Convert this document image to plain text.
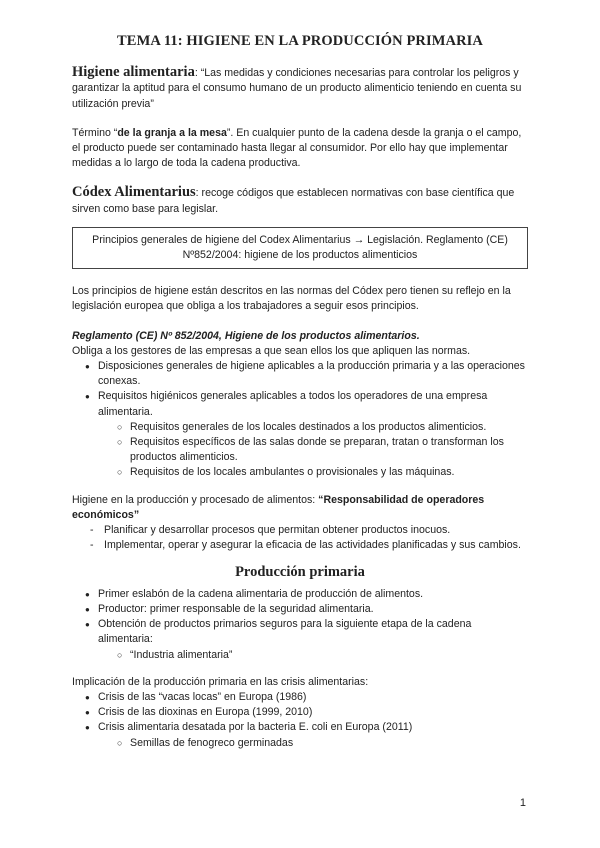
TEMA 11: HIGIENE EN LA PRODUCCIÓN PRIMARIA

Higiene alimentaria: “Las medidas y condiciones necesarias para controlar los peligros y garantizar la aptitud para el consumo humano de un producto alimenticio teniendo en cuenta su utilización previa”

Término “de la granja a la mesa”. En cualquier punto de la cadena desde la granja o el campo, el producto puede ser contaminado hasta llegar al consumidor. Por ello hay que implementar medidas a lo largo de toda la cadena productiva.

Códex Alimentarius: recoge códigos que establecen normativas con base científica que sirven como base para legislar.

Principios generales de higiene del Codex Alimentarius → Legislación. Reglamento (CE)
Nº852/2004: higiene de los productos alimenticios

Los principios de higiene están descritos en las normas del Códex pero tienen su reflejo en la legislación europea que obliga a los trabajadores a seguir esos principios.

Reglamento (CE) Nº 852/2004, Higiene de los productos alimentarios.

Obliga a los gestores de las empresas a que sean ellos los que apliquen las normas.

● Disposiciones generales de higiene aplicables a la producción primaria y a las operaciones conexas.
● Requisitos higiénicos generales aplicables a todos los operadores de una empresa alimentaria.
○ Requisitos generales de los locales destinados a los productos alimenticios.
○ Requisitos específicos de las salas donde se preparan, tratan o transforman los productos alimenticios.
○ Requisitos de los locales ambulantes o provisionales y las máquinas.

Higiene en la producción y procesado de alimentos: “Responsabilidad de operadores económicos”

- Planificar y desarrollar procesos que permitan obtener productos inocuos.
- Implementar, operar y asegurar la eficacia de las actividades planificadas y sus cambios.
Producción primaria
● Primer eslabón de la cadena alimentaria de producción de alimentos.
● Productor: primer responsable de la seguridad alimentaria.
● Obtención de productos primarios seguros para la siguiente etapa de la cadena alimentaria:
○ “Industria alimentaria”

Implicación de la producción primaria en las crisis alimentarias:

● Crisis de las “vacas locas” en Europa (1986)
● Crisis de las dioxinas en Europa (1999, 2010)
● Crisis alimentaria desatada por la bacteria E. coli en Europa (2011)
○ Semillas de fenogreco germinadas
1
